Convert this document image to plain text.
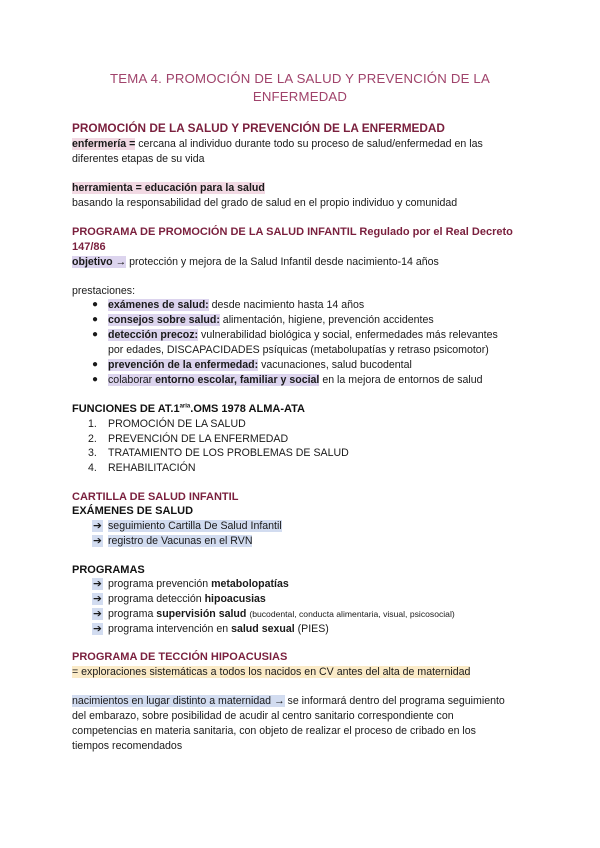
TEMA 4. PROMOCIÓN DE LA SALUD Y PREVENCIÓN DE LA
ENFERMEDAD
PROMOCIÓN DE LA SALUD Y PREVENCIÓN DE LA ENFERMEDAD
enfermería = cercana al individuo durante todo su proceso de salud/enfermedad en las
diferentes etapas de su vida
herramienta = educación para la salud
basando la responsabilidad del grado de salud en el propio individuo y comunidad
PROGRAMA DE PROMOCIÓN DE LA SALUD INFANTIL Regulado por el Real Decreto
147/86
objetivo → protección y mejora de la Salud Infantil desde nacimiento-14 años
prestaciones:
● exámenes de salud: desde nacimiento hasta 14 años
● consejos sobre salud: alimentación, higiene, prevención accidentes
● detección precoz: vulnerabilidad biológica y social, enfermedades más relevantes
por edades, DISCAPACIDADES psíquicas (metabolupatías y retraso psicomotor)
● prevención de la enfermedad: vacunaciones, salud bucodental
● colaborar entorno escolar, familiar y social en la mejora de entornos de salud
FUNCIONES DE $AT.1^{aria}.OMS$ 1978 ALMA-ATA
1. PROMOCIÓN DE LA SALUD
2. PREVENCIÓN DE LA ENFERMEDAD
3. TRATAMIENTO DE LOS PROBLEMAS DE SALUD
4. REHABILITACIÓN
CARTILLA DE SALUD INFANTIL
EXÁMENES DE SALUD
➔ seguimiento Cartilla De Salud Infantil
➔ registro de Vacunas en el RVN
PROGRAMAS
➔ programa prevención metabolopatías
➔ programa detección hipoacusias
➔ programa supervisión salud (bucodental, conducta alimentaria, visual, psicosocial)
➔ programa intervención en salud sexual (PIES)
PROGRAMA DE TECCIÓN HIPOACUSIAS
= exploraciones sistemáticas a todos los nacidos en CV antes del alta de maternidad
nacimientos en lugar distinto a maternidad → se informará dentro del programa seguimiento
del embarazo, sobre posibilidad de acudir al centro sanitario correspondiente con
competencias en materia sanitaria, con objeto de realizar el proceso de cribado en los
tiempos recomendados
